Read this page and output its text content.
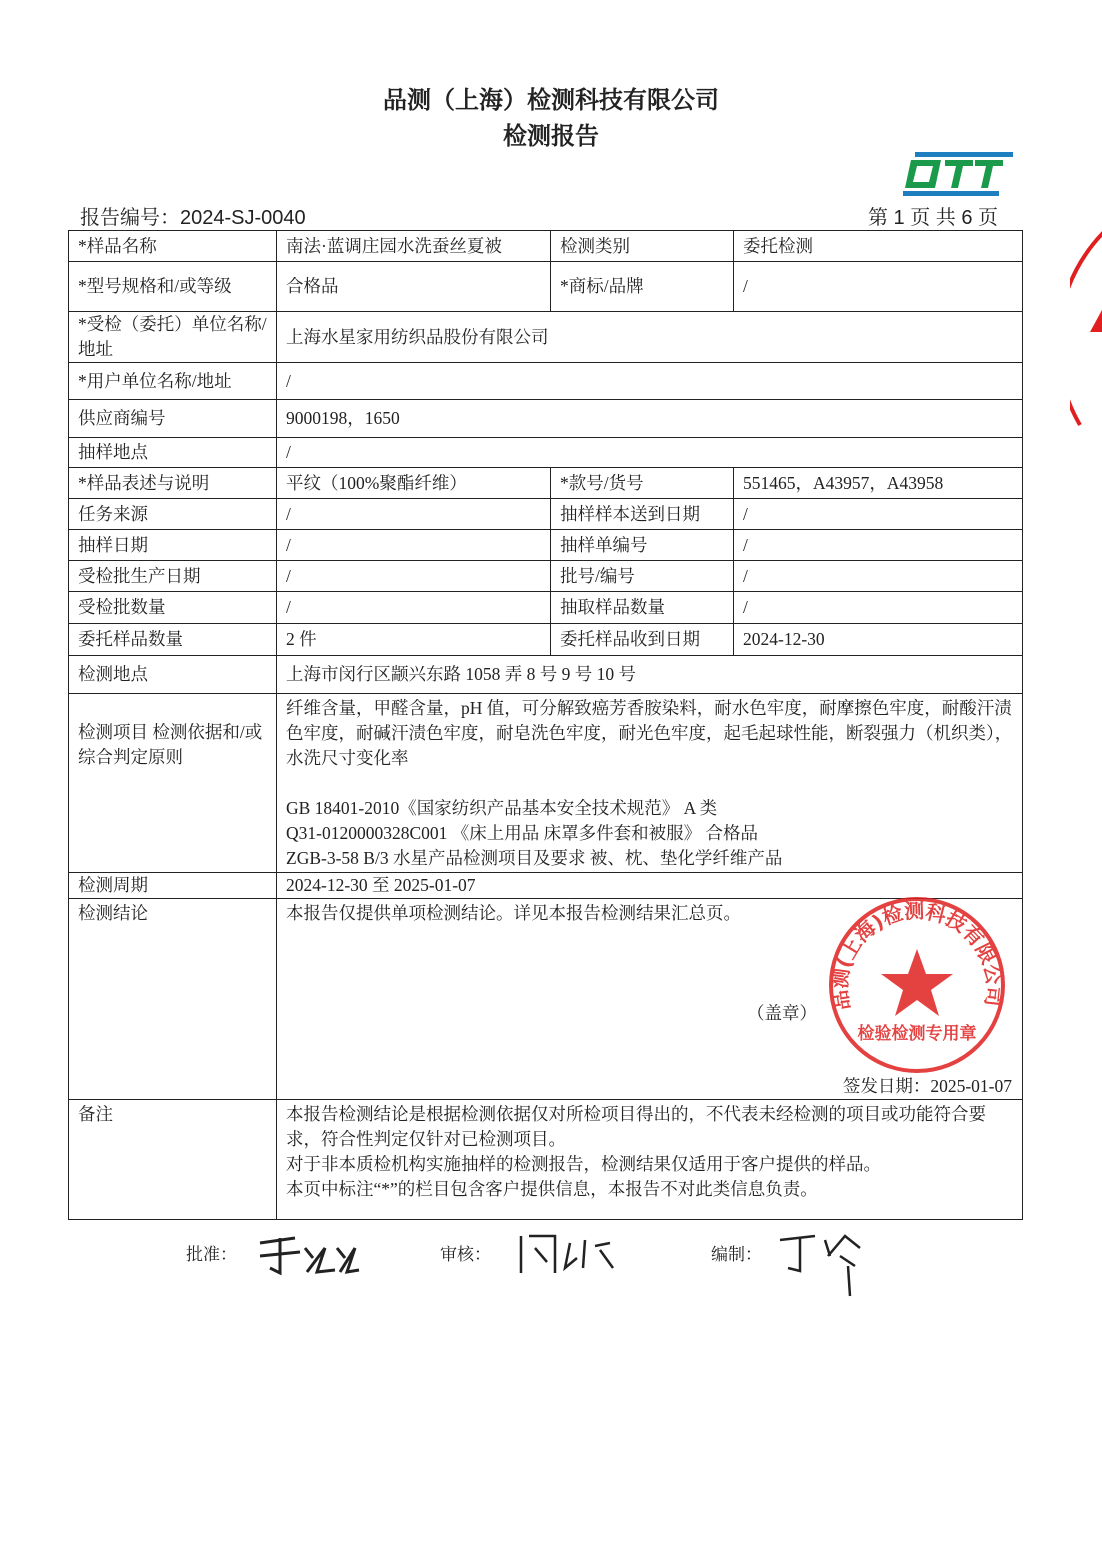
品测（上海）检测科技有限公司
检测报告
报告编号：2024-SJ-0040	第 1 页 共 6 页
*样品名称	南法·蓝调庄园水洗蚕丝夏被	检测类别	委托检测
*型号规格和/或等级	合格品	*商标/品牌	/
*受检（委托）单位名称/地址	上海水星家用纺织品股份有限公司		
*用户单位名称/地址	/		
供应商编号	9000198，1650		
抽样地点	/		
*样品表述与说明	平纹（100%聚酯纤维）	*款号/货号	551465，A43957，A43958
任务来源	/	抽样样本送到日期	/
抽样日期	/	抽样单编号	/
受检批生产日期	/	批号/编号	/
受检批数量	/	抽取样品数量	/
委托样品数量	2 件	委托样品收到日期	2024-12-30
检测地点	上海市闵行区颛兴东路 1058 弄 8 号 9 号 10 号		
检测项目 检测依据和/或综合判定原则	纤维含量，甲醛含量，pH 值，可分解致癌芳香胺染料，耐水色牢度，耐摩擦色牢度，耐酸汗渍色牢度，耐碱汗渍色牢度，耐皂洗色牢度，耐光色牢度，起毛起球性能，断裂强力（机织类），水洗尺寸变化率
GB 18401-2010《国家纺织产品基本安全技术规范》 A 类
Q31-0120000328C001 《床上用品 床罩多件套和被服》 合格品
ZGB-3-58 B/3 水星产品检测项目及要求 被、枕、垫化学纤维产品		

检测周期	2024-12-30 至 2025-01-07		
检测结论	本报告仅提供单项检测结论。详见本报告检测结果汇总页。
（盖章）
签发日期：2025-01-07		

备注	本报告检测结论是根据检测依据仅对所检项目得出的，不代表未经检测的项目或功能符合要求，符合性判定仅针对已检测项目。
对于非本质检机构实施抽样的检测报告，检测结果仅适用于客户提供的样品。
本页中标注“*”的栏目包含客户提供信息，本报告不对此类信息负责。		
品测(上海)检测科技有限公司
检验检测专用章
批准：	审核：	编制：
